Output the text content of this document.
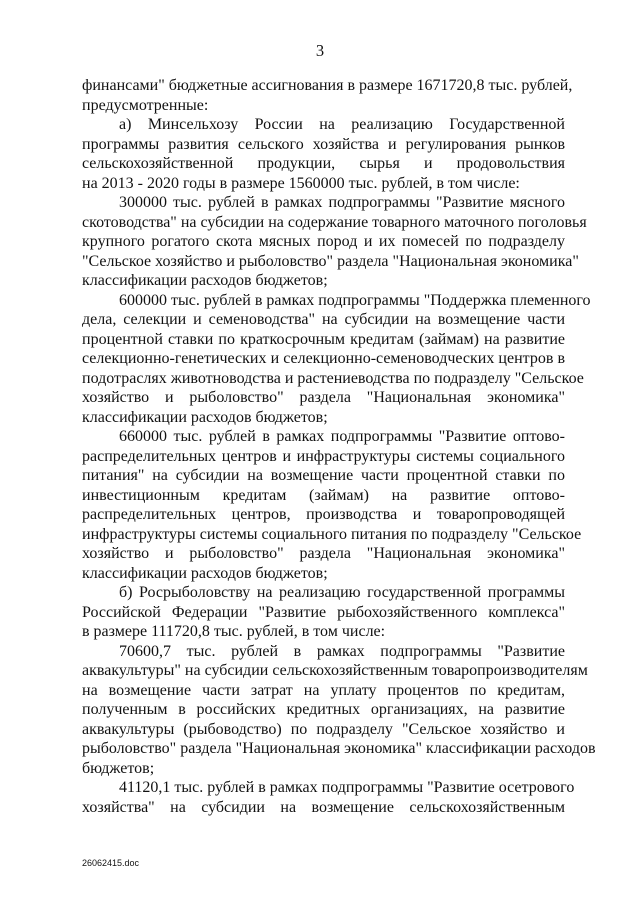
3
финансами" бюджетные ассигнования в размере 1671720,8 тыс. рублей,
предусмотренные:
а) Минсельхозу России на реализацию Государственной
программы развития сельского хозяйства и регулирования рынков
сельскохозяйственной продукции, сырья и продовольствия
на 2013 - 2020 годы в размере 1560000 тыс. рублей, в том числе:
300000 тыс. рублей в рамках подпрограммы "Развитие мясного
скотоводства" на субсидии на содержание товарного маточного поголовья
крупного рогатого скота мясных пород и их помесей по подразделу
"Сельское хозяйство и рыболовство" раздела "Национальная экономика"
классификации расходов бюджетов;
600000 тыс. рублей в рамках подпрограммы "Поддержка племенного
дела, селекции и семеноводства" на субсидии на возмещение части
процентной ставки по краткосрочным кредитам (займам) на развитие
селекционно-генетических и селекционно-семеноводческих центров в
подотраслях животноводства и растениеводства по подразделу "Сельское
хозяйство и рыболовство" раздела "Национальная экономика"
классификации расходов бюджетов;
660000 тыс. рублей в рамках подпрограммы "Развитие оптово-
распределительных центров и инфраструктуры системы социального
питания" на субсидии на возмещение части процентной ставки по
инвестиционным кредитам (займам) на развитие оптово-
распределительных центров, производства и товаропроводящей
инфраструктуры системы социального питания по подразделу "Сельское
хозяйство и рыболовство" раздела "Национальная экономика"
классификации расходов бюджетов;
б) Росрыболовству на реализацию государственной программы
Российской Федерации "Развитие рыбохозяйственного комплекса"
в размере 111720,8 тыс. рублей, в том числе:
70600,7 тыс. рублей в рамках подпрограммы "Развитие
аквакультуры" на субсидии сельскохозяйственным товаропроизводителям
на возмещение части затрат на уплату процентов по кредитам,
полученным в российских кредитных организациях, на развитие
аквакультуры (рыбоводство) по подразделу "Сельское хозяйство и
рыболовство" раздела "Национальная экономика" классификации расходов
бюджетов;
41120,1 тыс. рублей в рамках подпрограммы "Развитие осетрового
хозяйства" на субсидии на возмещение сельскохозяйственным
26062415.doc
